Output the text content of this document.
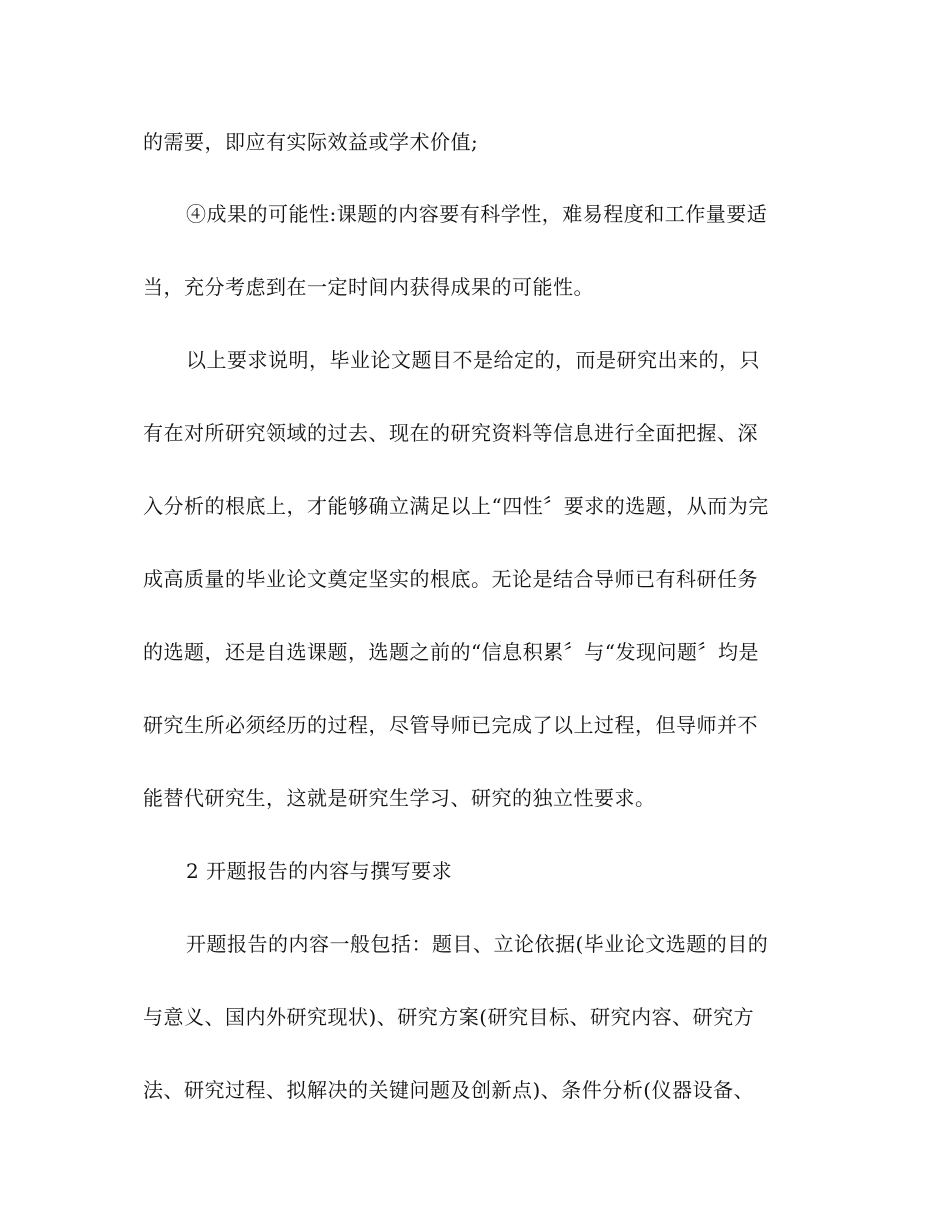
的需要，即应有实际效益或学术价值;
④成果的可能性:课题的内容要有科学性，难易程度和工作量要适
当，充分考虑到在一定时间内获得成果的可能性。
以上要求说明，毕业论文题目不是给定的，而是研究出来的，只
有在对所研究领域的过去、现在的研究资料等信息进行全面把握、深
入分析的根底上，才能够确立满足以上“四性〞要求的选题，从而为完
成高质量的毕业论文奠定坚实的根底。无论是结合导师已有科研任务
的选题，还是自选课题，选题之前的“信息积累〞与“发现问题〞均是
研究生所必须经历的过程，尽管导师已完成了以上过程，但导师并不
能替代研究生，这就是研究生学习、研究的独立性要求。
2 开题报告的内容与撰写要求
开题报告的内容一般包括：题目、立论依据(毕业论文选题的目的
与意义、国内外研究现状)、研究方案(研究目标、研究内容、研究方
法、研究过程、拟解决的关键问题及创新点)、条件分析(仪器设备、
